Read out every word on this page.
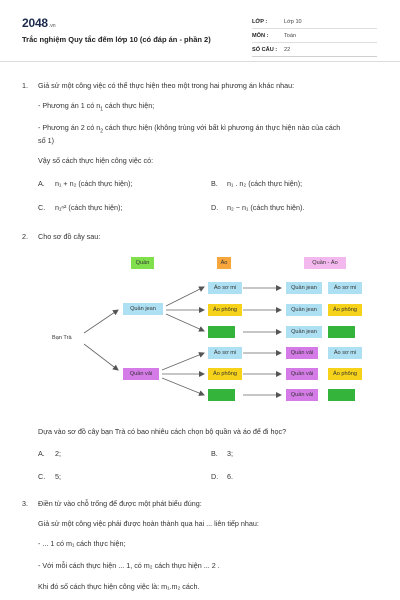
2048.vn
Trắc nghiệm Quy tắc đếm lớp 10 (có đáp án - phần 2)
LỚP :	Lớp 10
MÔN :	Toán
SỐ CÂU :	22
1. Giả sử một công việc có thể thực hiện theo một trong hai phương án khác nhau:
- Phương án 1 có $n_1$ cách thực hiện;
- Phương án 2 có $n_2$ cách thực hiện (không trùng với bất kì phương án thực hiện nào của cách
số 1)
Vậy số cách thực hiện công việc có:
A. n₁ + n₂ (cách thực hiện);	B. n₁ . n₂ (cách thực hiện);
C. n₁ⁿ² (cách thực hiện);	D. n₂ − n₁ (cách thực hiện).
2. Cho sơ đồ cây sau:
Quần	Áo	Quần - Áo
Bạn Trà
Quần jean
Quần vải
Áo sơ mi
Áo phông
Áo polo
Áo sơ mi
Áo phông
Áo polo
Quần jean	Áo sơ mi
Quần jean	Áo phông
Quần jean	Áo polo
Quần vải	Áo sơ mi
Quần vải	Áo phông
Quần vải	Áo polo
Dựa vào sơ đồ cây bạn Trà có bao nhiêu cách chọn bộ quần và áo để đi học?
A. 2;	B. 3;
C. 5;	D. 6.
3. Điền từ vào chỗ trống để được một phát biểu đúng:
Giả sử một công việc phải được hoàn thành qua hai ... liên tiếp nhau:
- ... 1 có m₁ cách thực hiện;
- Với mỗi cách thực hiện ... 1, có m₂ cách thực hiện ... 2 .
Khi đó số cách thực hiện công việc là: m₁.m₂ cách.
